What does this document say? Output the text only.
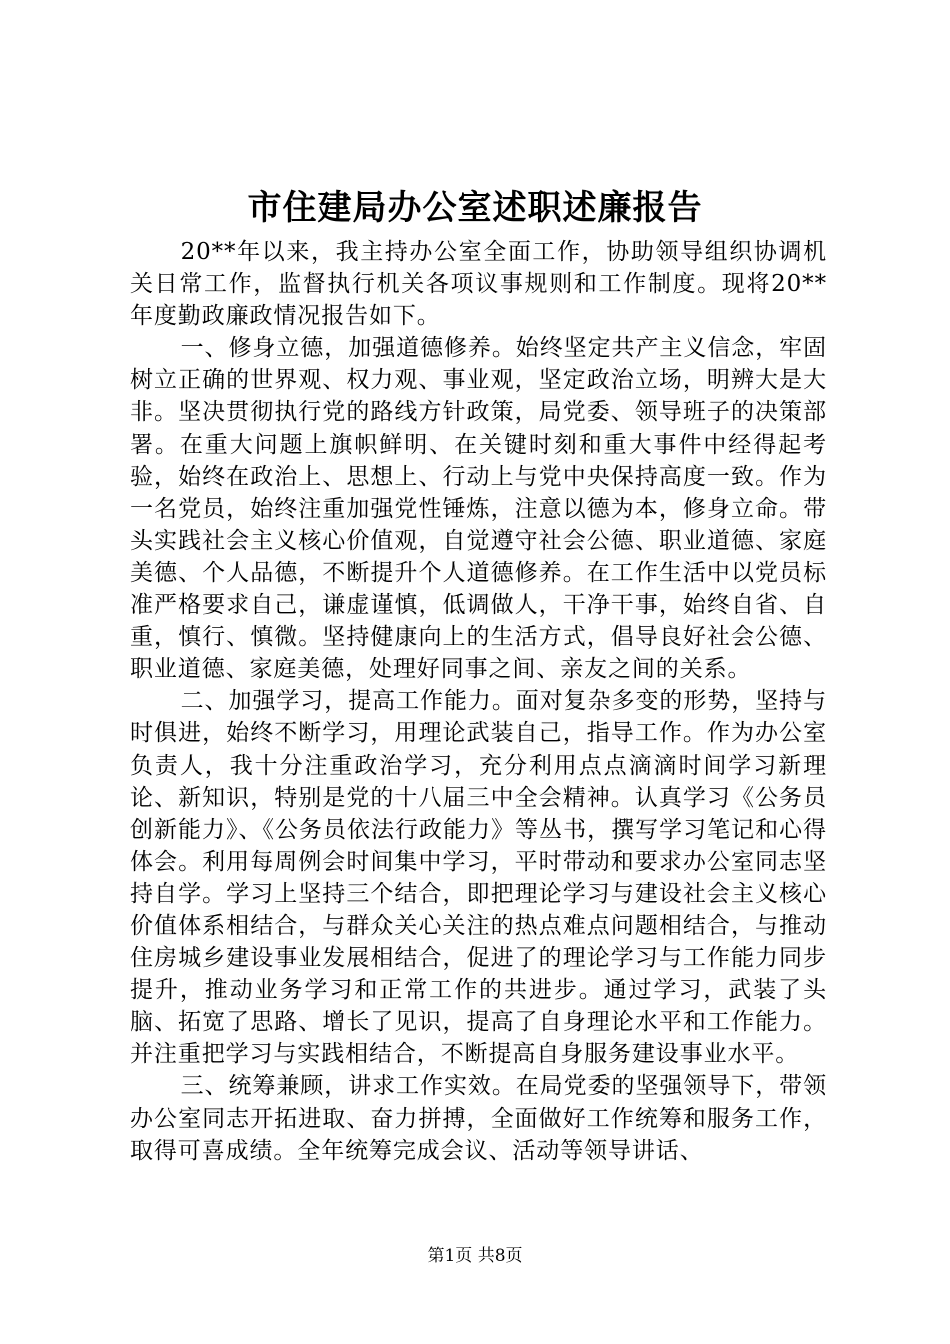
市住建局办公室述职述廉报告

20**年以来，我主持办公室全面工作，协助领导组织协调机关日常工作，监督执行机关各项议事规则和工作制度。现将20**年度勤政廉政情况报告如下。

一、修身立德，加强道德修养。始终坚定共产主义信念，牢固树立正确的世界观、权力观、事业观，坚定政治立场，明辨大是大非。坚决贯彻执行党的路线方针政策，局党委、领导班子的决策部署。在重大问题上旗帜鲜明、在关键时刻和重大事件中经得起考验，始终在政治上、思想上、行动上与党中央保持高度一致。作为一名党员，始终注重加强党性锤炼，注意以德为本，修身立命。带头实践社会主义核心价值观，自觉遵守社会公德、职业道德、家庭美德、个人品德，不断提升个人道德修养。在工作生活中以党员标准严格要求自己，谦虚谨慎，低调做人，干净干事，始终自省、自重，慎行、慎微。坚持健康向上的生活方式，倡导良好社会公德、职业道德、家庭美德，处理好同事之间、亲友之间的关系。

二、加强学习，提高工作能力。面对复杂多变的形势，坚持与时俱进，始终不断学习，用理论武装自己，指导工作。作为办公室负责人，我十分注重政治学习，充分利用点点滴滴时间学习新理论、新知识，特别是党的十八届三中全会精神。认真学习《公务员创新能力》、《公务员依法行政能力》等丛书，撰写学习笔记和心得体会。利用每周例会时间集中学习，平时带动和要求办公室同志坚持自学。学习上坚持三个结合，即把理论学习与建设社会主义核心价值体系相结合，与群众关心关注的热点难点问题相结合，与推动住房城乡建设事业发展相结合，促进了的理论学习与工作能力同步提升，推动业务学习和正常工作的共进步。通过学习，武装了头脑、拓宽了思路、增长了见识，提高了自身理论水平和工作能力。并注重把学习与实践相结合，不断提高自身服务建设事业水平。

三、统筹兼顾，讲求工作实效。在局党委的坚强领导下，带领办公室同志开拓进取、奋力拼搏，全面做好工作统筹和服务工作，取得可喜成绩。全年统筹完成会议、活动等领导讲话、

第1页 共8页
